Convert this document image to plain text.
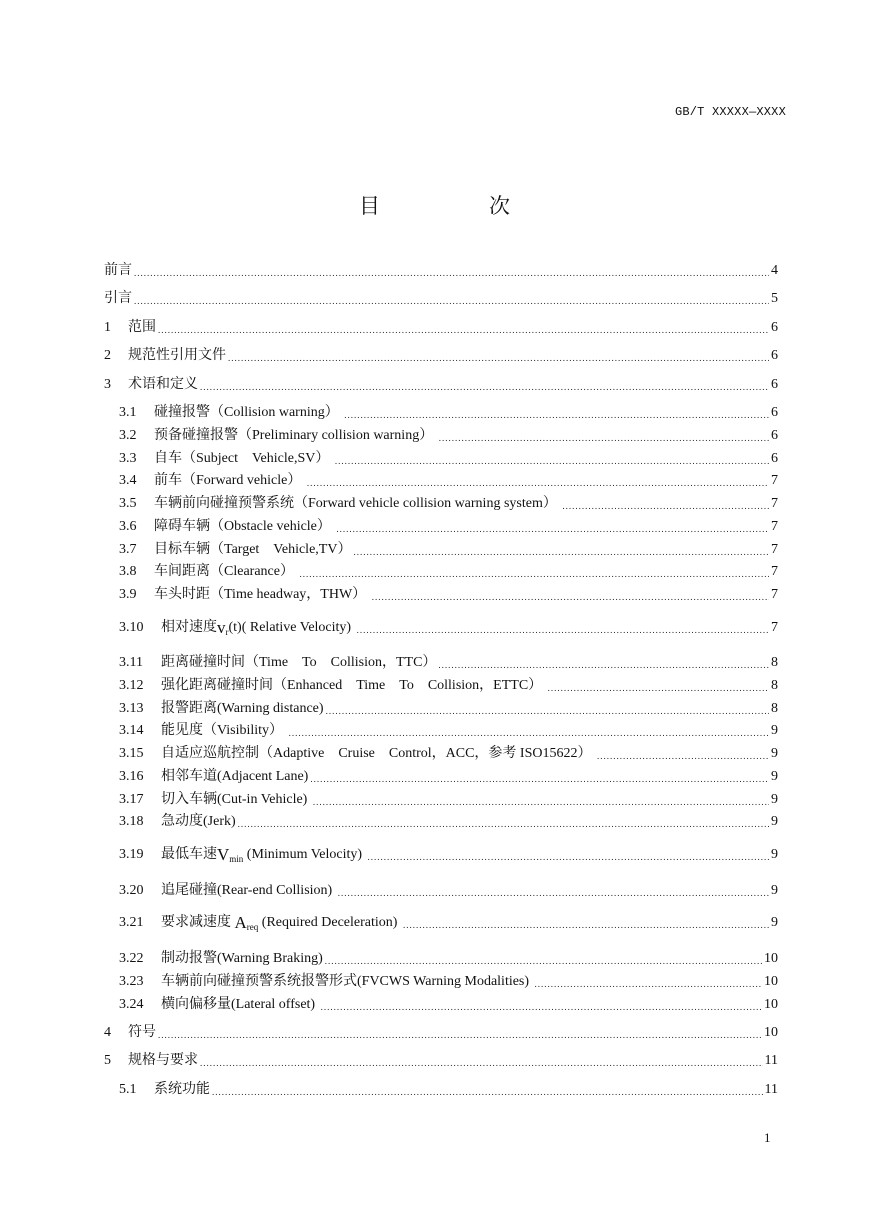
GB/T XXXXX—XXXX
目　次
前言 .....	4
引言 .....	5
1	范围 .....	6
2	规范性引用文件 .....	6
3	术语和定义 .....	6
3.1	碰撞报警（Collision warning） .....	6
3.2	预备碰撞报警（Preliminary collision warning） .....	6
3.3	自车（Subject　Vehicle,SV） .....	6
3.4	前车（Forward vehicle） .....	7
3.5	车辆前向碰撞预警系统（Forward vehicle collision warning system） .....	7
3.6	障碍车辆（Obstacle vehicle） .....	7
3.7	目标车辆（Target　Vehicle,TV） .....	7
3.8	车间距离（Clearance） .....	7
3.9	车头时距（Time headway，THW） .....	7
3.10	相对速度 v r (t)( Relative Velocity) .....	7
3.11	距离碰撞时间（Time　To　Collision，TTC） .....	8
3.12	强化距离碰撞时间（Enhanced　Time　To　Collision，ETTC） .....	8
3.13	报警距离(Warning distance) .....	8
3.14	能见度（Visibility） .....	9
3.15	自适应巡航控制（Adaptive　Cruise　Control，ACC，参考 ISO15622） .....	9
3.16	相邻车道(Adjacent Lane) .....	9
3.17	切入车辆(Cut-in Vehicle) .....	9
3.18	急动度(Jerk) .....	9
3.19	最低车速 V min (Minimum Velocity) .....	9
3.20	追尾碰撞(Rear-end Collision) .....	9
3.21	要求减速度 A req (Required Deceleration) .....	9
3.22	制动报警(Warning Braking) .....	10
3.23	车辆前向碰撞预警系统报警形式(FVCWS Warning Modalities) .....	10
3.24	横向偏移量(Lateral offset) .....	10
4	符号 .....	10
5	规格与要求 .....	11
5.1	系统功能 .....	11
1
